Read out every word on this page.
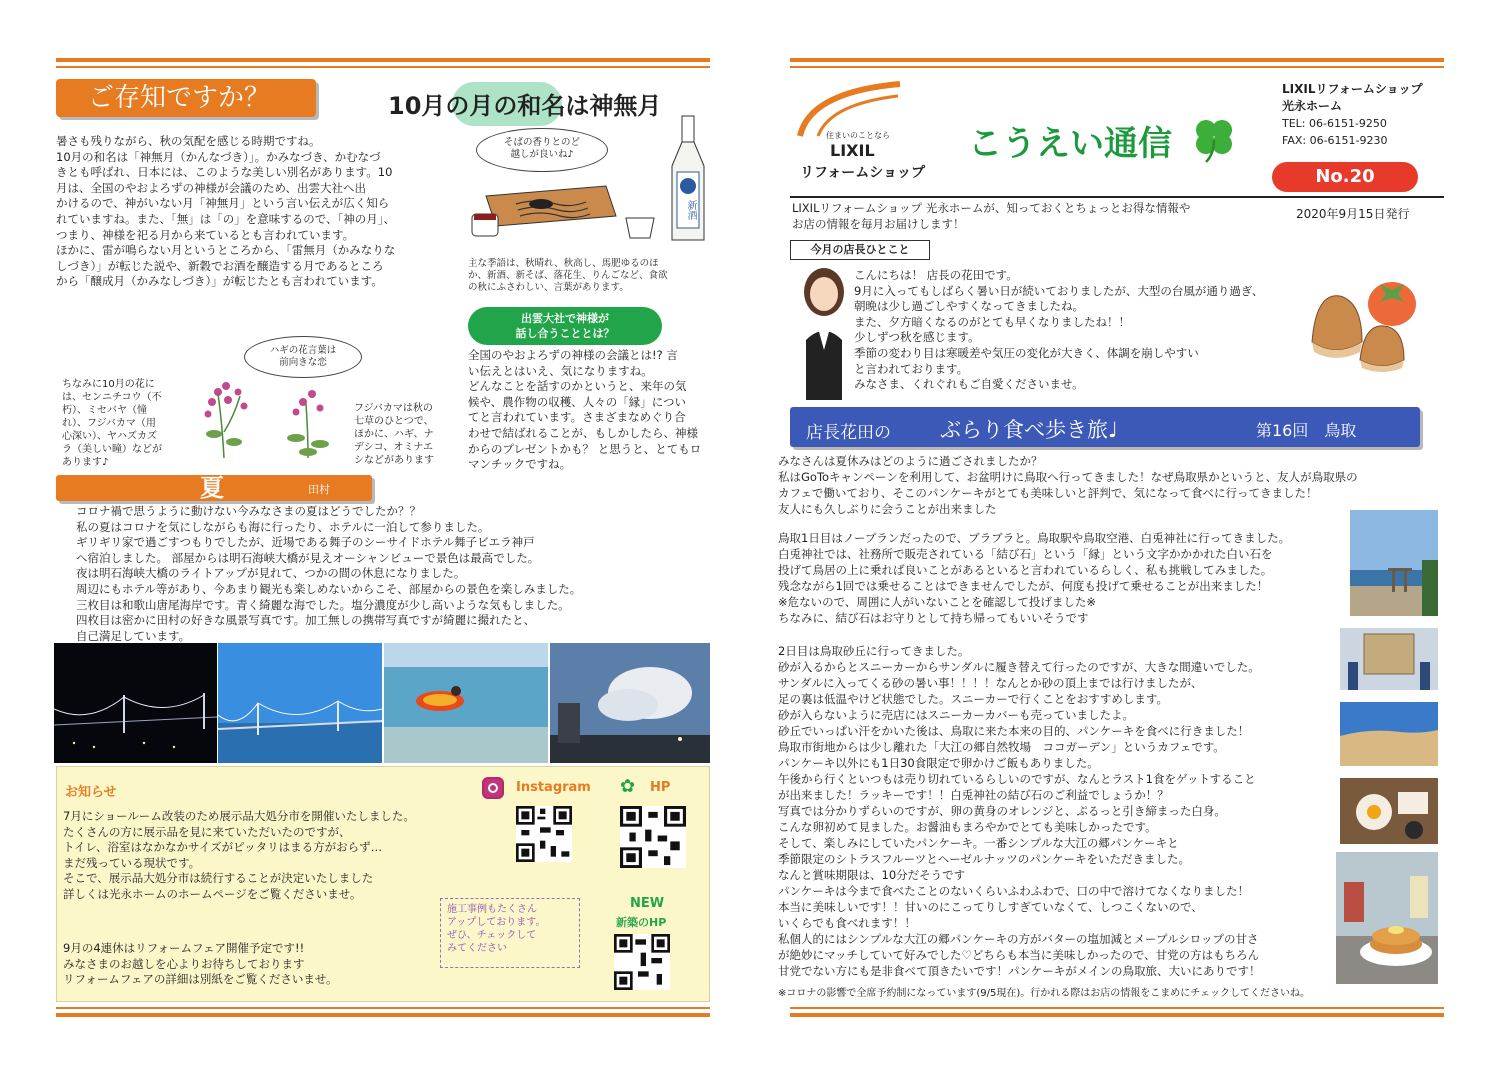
ご存知ですか？	10月の月の和名は神無月
暑さも残りながら、秋の気配を感じる時期ですね。
10月の和名は「神無月（かんなづき）」。かみなづき、かむなづ
きとも呼ばれ、日本には、このような美しい別名があります。10
月は、全国のやおよろずの神様が会議のため、出雲大社へ出
かけるので、神がいない月「神無月」という言い伝えが広く知ら
れていますね。また、「無」は「の」を意味するので、「神の月」、
つまり、神様を祀る月から来ているとも言われています。
ほかに、雷が鳴らない月というところから、「雷無月（かみなりな
しづき）」が転じた説や、新穀でお酒を醸造する月であるところ
から「醸成月（かみなしづき）」が転じたとも言われています。
そばの香りとのど
越しが良いね♪
新酒
主な季語は、秋晴れ、秋高し、馬肥ゆるのほ
か、新酒、新そば、落花生、りんごなど、食欲
の秋にふさわしい、言葉があります。
ハギの花言葉は
前向きな恋
ちなみに10月の花に
は、センニチコウ（不
朽）、ミセバヤ（憧
れ）、フジバカマ（用
心深い）、ヤハズカズ
ラ（美しい瞳）などが
あります♪
フジバカマは秋の
七草のひとつで、
ほかに、ハギ、ナ
デシコ、オミナエ
シなどがあります
出雲大社で神様が
話し合うこととは？
全国のやおよろずの神様の会議とは!? 言
い伝えとはいえ、気になりますね。
どんなことを話すのかというと、来年の気
候や、農作物の収穫、人々の「縁」につい
てと言われています。さまざまなめぐり合
わせで結ばれることが、もしかしたら、神様
からのプレゼントかも？ と思うと、とてもロ
マンチックですね。
夏	田村
コロナ禍で思うように動けない今みなさまの夏はどうでしたか？？
私の夏はコロナを気にしながらも海に行ったり、ホテルに一泊して参りました。
ギリギリ家で過ごすつもりでしたが、近場である舞子のシーサイドホテル舞子ビエラ神戸
へ宿泊しました。 部屋からは明石海峡大橋が見えオーシャンビューで景色は最高でした。
夜は明石海峡大橋のライトアップが見れて、つかの間の休息になりました。
周辺にもホテル等があり、今あまり観光も楽しめないからこそ、部屋からの景色を楽しみました。
三枚目は和歌山唐尾海岸です。青く綺麗な海でした。塩分濃度が少し高いような気もしました。
四枚目は密かに田村の好きな風景写真です。加工無しの携帯写真ですが綺麗に撮れたと、
自己満足しています。
お知らせ
7月にショールーム改装のため展示品大処分市を開催いたしました。
たくさんの方に展示品を見に来ていただいたのですが、
トイレ、浴室はなかなかサイズがピッタリはまる方がおらず…
まだ残っている現状です。
そこで、展示品大処分市は続行することが決定いたしました
詳しくは光永ホームのホームページをご覧くださいませ。
9月の4連休はリフォームフェア開催予定です!!
みなさまのお越しを心よりお待ちしております
リフォームフェアの詳細は別紙をご覧くださいませ。
Instagram ✿ HP
NEW
新築のHP
施工事例もたくさん
アップしております。
ぜひ、チェックして
みてください
住まいのことなら
LIXIL
リフォームショップ
こうえい通信
LIXILリフォームショップ
光永ホーム
TEL: 06-6151-9250
FAX: 06-6151-9230
No.20
LIXILリフォームショップ 光永ホームが、知っておくとちょっとお得な情報や
お店の情報を毎月お届けします！
2020年9月15日発行
今月の店長ひとこと
こんにちは！ 店長の花田です。
9月に入ってもしばらく暑い日が続いておりましたが、大型の台風が通り過ぎ、
朝晩は少し過ごしやすくなってきましたね。
また、夕方暗くなるのがとても早くなりましたね！！
少しずつ秋を感じます。
季節の変わり目は寒暖差や気圧の変化が大きく、体調を崩しやすい
と言われております。
みなさま、くれぐれもご自愛くださいませ。
店長花田の ぶらり食べ歩き旅♩	第16回　鳥取
みなさんは夏休みはどのように過ごされましたか？
私はGoToキャンペーンを利用して、お盆明けに鳥取へ行ってきました！なぜ鳥取県かというと、友人が鳥取県の
カフェで働いており、そこのパンケーキがとても美味しいと評判で、気になって食べに行ってきました！
友人にも久しぶりに会うことが出来ました
鳥取1日目はノープランだったので、ブラブラと。鳥取駅や鳥取空港、白兎神社に行ってきました。
白兎神社では、社務所で販売されている「結び石」という「縁」という文字かかかれた白い石を
投げて鳥居の上に乗れば良いことがあるといると言われているらしく、私も挑戦してみました。
残念ながら1回では乗せることはできませんでしたが、何度も投げて乗せることが出来ました！
※危ないので、周囲に人がいないことを確認して投げました※
ちなみに、結び石はお守りとして持ち帰ってもいいそうです
2日目は鳥取砂丘に行ってきました。
砂が入るからとスニーカーからサンダルに履き替えて行ったのですが、大きな間違いでした。
サンダルに入ってくる砂の暑い事！！！！なんとか砂の頂上までは行けましたが、
足の裏は低温やけど状態でした。スニーカーで行くことをおすすめします。
砂が入らないように売店にはスニーカーカバーも売っていましたよ。
砂丘でいっぱい汗をかいた後は、鳥取に来た本来の目的、パンケーキを食べに行きました！
鳥取市街地からは少し離れた「大江の郷自然牧場　ココガーデン」というカフェです。
パンケーキ以外にも1日30食限定で卵かけご飯もありました。
午後から行くといつもは売り切れているらしいのですが、なんとラスト1食をゲットすること
が出来ました！ラッキーです！！白兎神社の結び石のご利益でしょうか！？
写真では分かりずらいのですが、卵の黄身のオレンジと、ぷるっと引き締まった白身。
こんな卵初めて見ました。お醤油もまろやかでとても美味しかったです。
そして、楽しみにしていたパンケーキ。一番シンプルな大江の郷パンケーキと
季節限定のシトラスフルーツとヘーゼルナッツのパンケーキをいただきました。
なんと賞味期限は、10分だそうです
パンケーキは今まで食べたことのないくらいふわふわで、口の中で溶けてなくなりました！
本当に美味しいです！！甘いのにこってりしすぎていなくて、しつこくないので、
いくらでも食べれます！！
私個人的にはシンプルな大江の郷パンケーキの方がバターの塩加減とメープルシロップの甘さ
が絶妙にマッチしていて好みでした♡どちらも本当に美味しかったので、甘党の方はもちろん
甘党でない方にも是非食べて頂きたいです！パンケーキがメインの鳥取旅、大いにありです！
※コロナの影響で全席予約制になっています(9/5現在)。行かれる際はお店の情報をこまめにチェックしてくださいね。
